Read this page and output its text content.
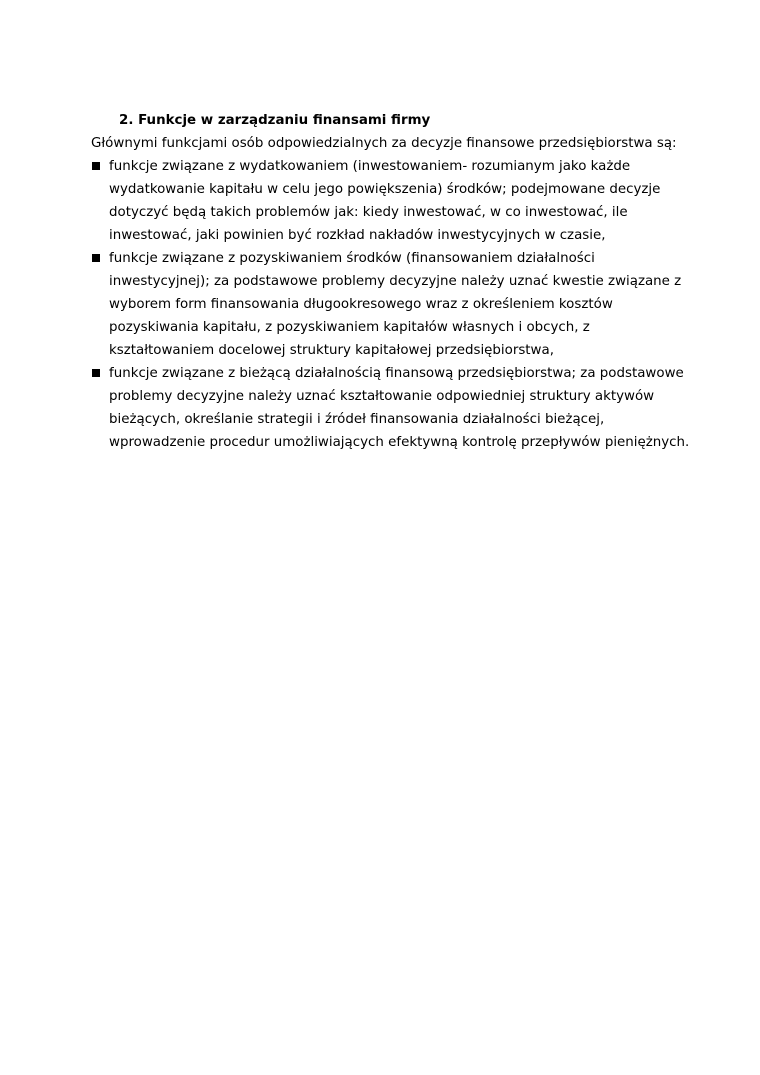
2. Funkcje w zarządzaniu finansami firmy
Głównymi funkcjami osób odpowiedzialnych za decyzje finansowe przedsiębiorstwa są:
funkcje związane z wydatkowaniem (inwestowaniem- rozumianym jako każde
wydatkowanie kapitału w celu jego powiększenia) środków; podejmowane decyzje
dotyczyć będą takich problemów jak: kiedy inwestować, w co inwestować, ile
inwestować, jaki powinien być rozkład nakładów inwestycyjnych w czasie,
funkcje związane z pozyskiwaniem środków (finansowaniem działalności
inwestycyjnej); za podstawowe problemy decyzyjne należy uznać kwestie związane z
wyborem form finansowania długookresowego wraz z określeniem kosztów
pozyskiwania kapitału, z pozyskiwaniem kapitałów własnych i obcych, z
kształtowaniem docelowej struktury kapitałowej przedsiębiorstwa,
funkcje związane z bieżącą działalnością finansową przedsiębiorstwa; za podstawowe
problemy decyzyjne należy uznać kształtowanie odpowiedniej struktury aktywów
bieżących, określanie strategii i źródeł finansowania działalności bieżącej,
wprowadzenie procedur umożliwiających efektywną kontrolę przepływów pieniężnych.
